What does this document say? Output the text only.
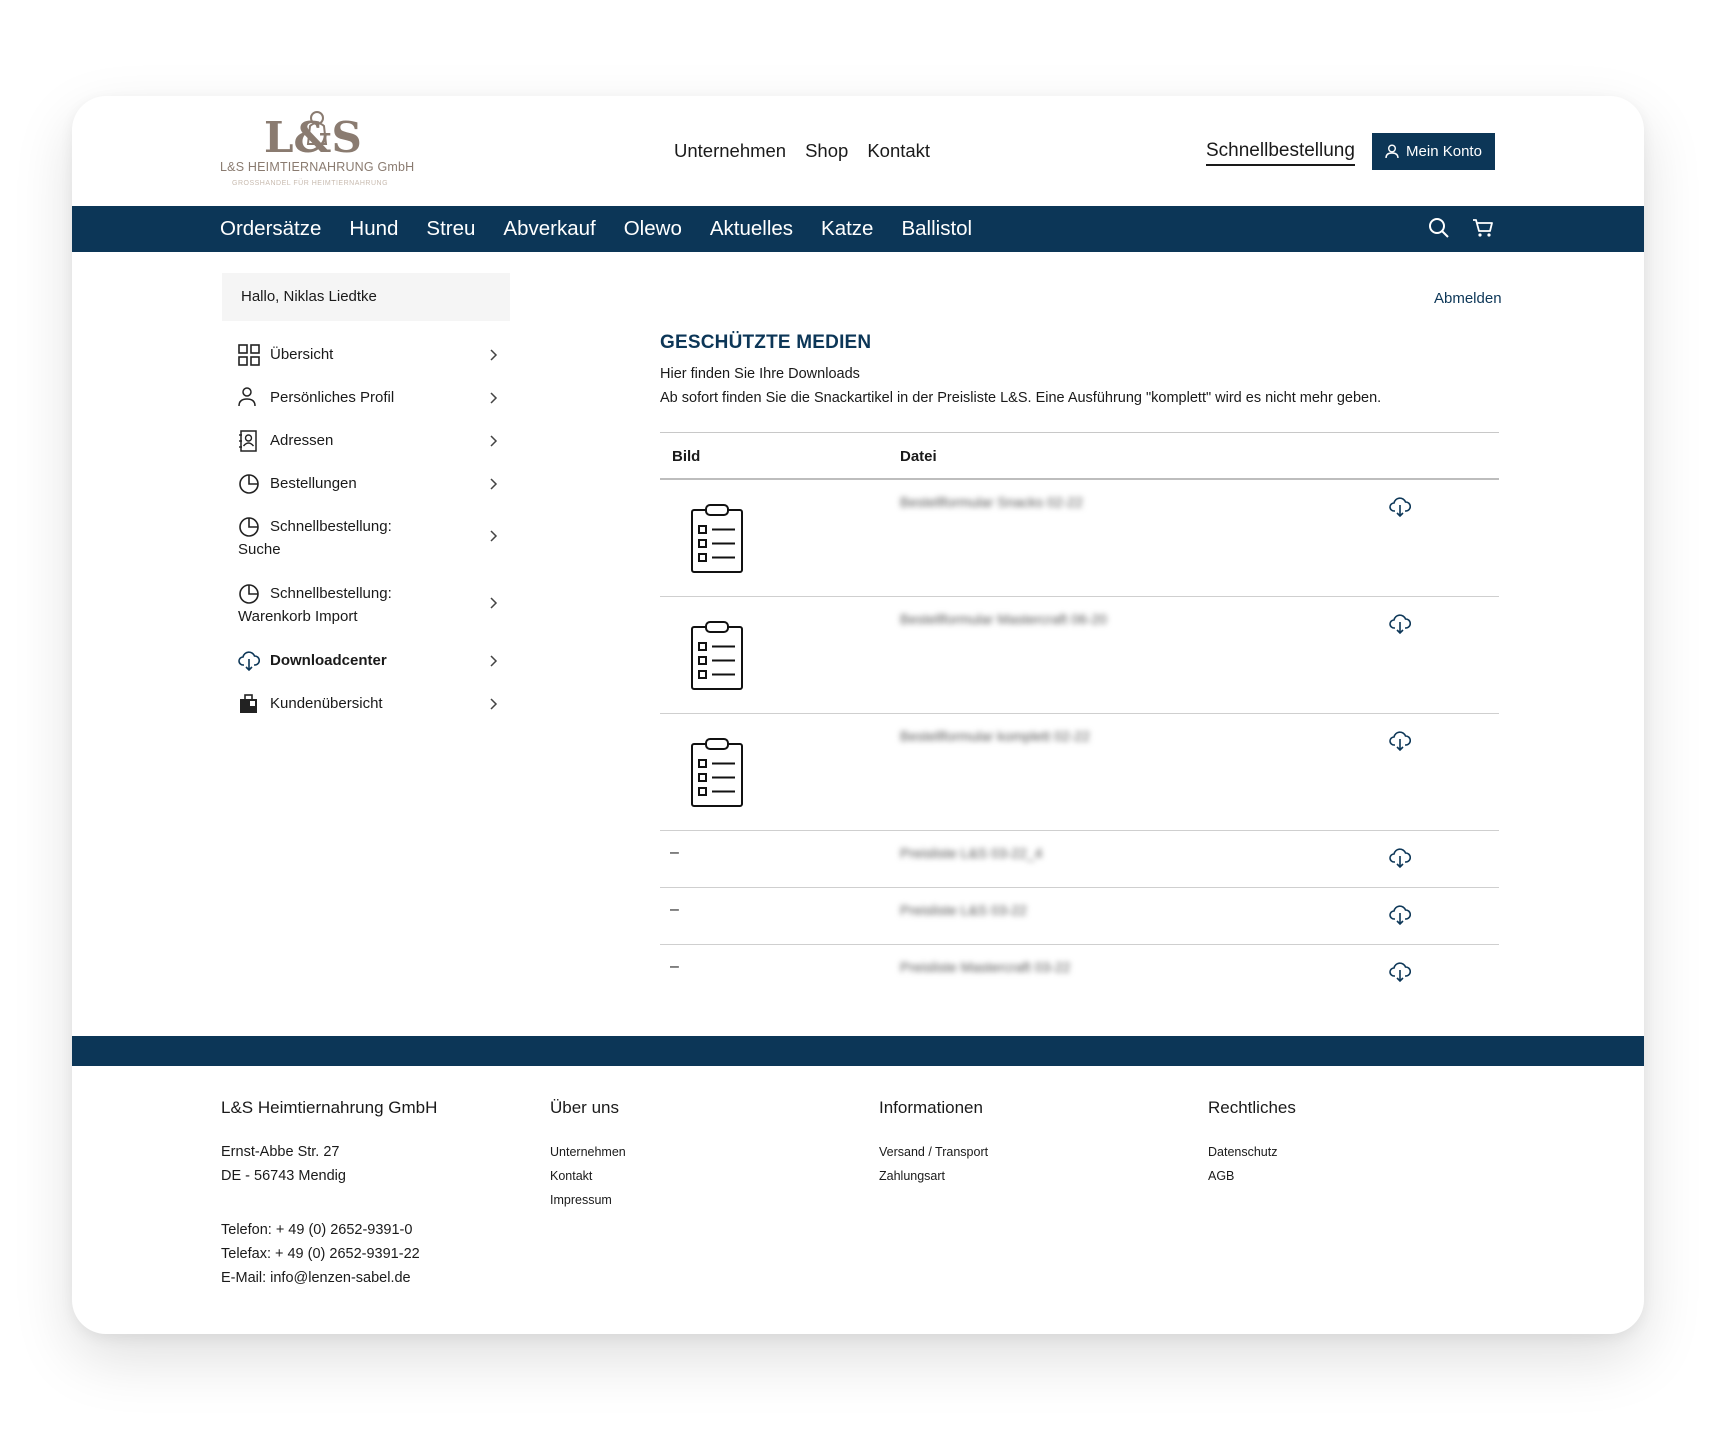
L&S
L&S HEIMTIERNAHRUNG GmbH
GROSSHANDEL FÜR HEIMTIERNAHRUNG
Unternehmen Shop Kontakt	Schnellbestellung	Mein Konto
Ordersätze Hund Streu Abverkauf Olewo Aktuelles Katze Ballistol
Hallo, Niklas Liedtke
Übersicht
Persönliches Profil
Adressen
Bestellungen
Schnellbestellung:
Suche
Schnellbestellung:
Warenkorb Import
Downloadcenter
Kundenübersicht
Abmelden
GESCHÜTZTE MEDIEN

Hier finden Sie Ihre Downloads

Ab sofort finden Sie die Snackartikel in der Preisliste L&S. Eine Ausführung "komplett" wird es nicht mehr geben.

Bild	Datei
Bestellformular Snacks 02-22
Bestellformular Mastercraft 06-20
Bestellformular komplett 02-22
–	Preisliste L&S 03-22_4
–	Preisliste L&S 03-22
–	Preisliste Mastercraft 03-22
L&S Heimtiernahrung GmbH
Ernst-Abbe Str. 27
DE - 56743 Mendig
Telefon: + 49 (0) 2652-9391-0
Telefax: + 49 (0) 2652-9391-22
E-Mail: info@lenzen-sabel.de
Über uns
Unternehmen
Kontakt
Impressum
Informationen
Versand / Transport
Zahlungsart
Rechtliches
Datenschutz
AGB
